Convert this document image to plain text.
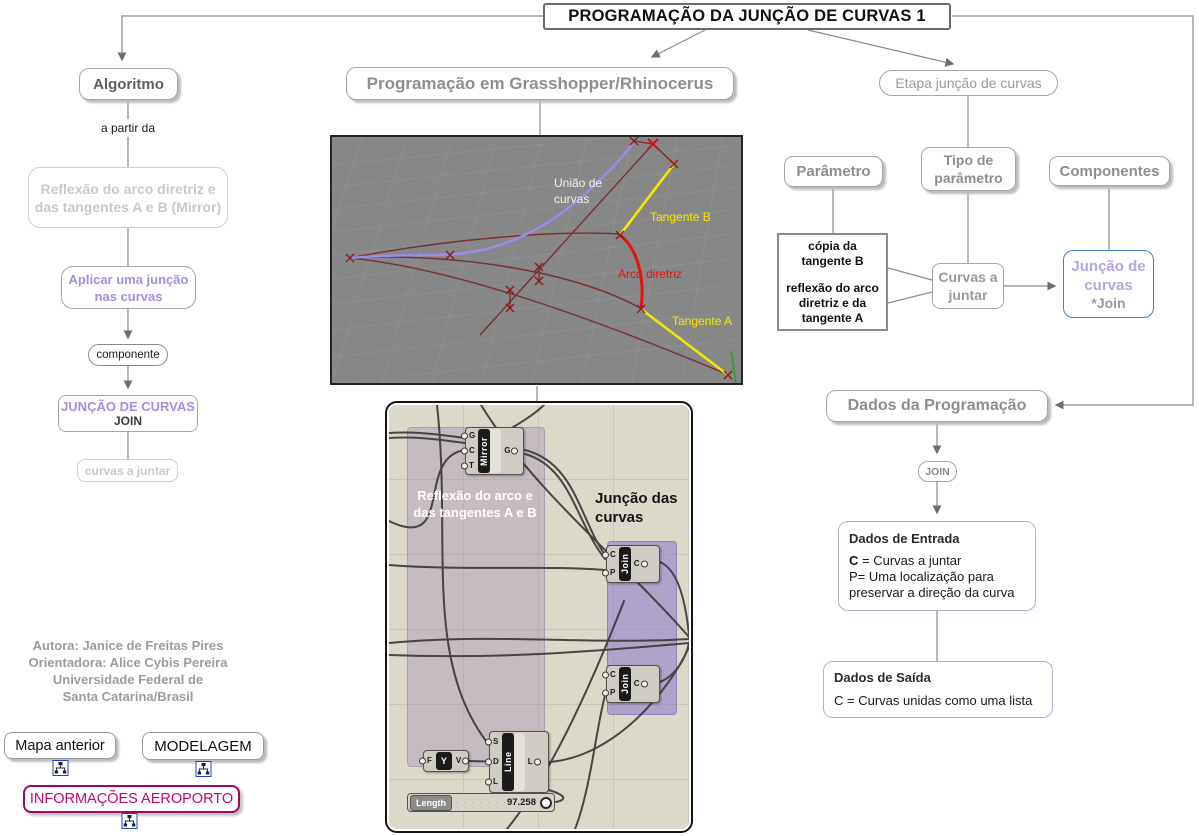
PROGRAMAÇÃO DA JUNÇÃO DE CURVAS 1
Algoritmo
a partir da
Reflexão do arco diretriz e das tangentes A e B (Mirror)
Aplicar uma junção nas curvas
componente
JUNÇÃO DE CURVAS
JOIN
curvas a juntar
Programação em Grasshopper/Rhinocerus
União de
curvas
Tangente B
Arco diretriz
Tangente A
Reflexão do arco e das tangentes A e B
Junção das curvas
G
C
T
Mirror G
C
P Join C
C
P Join C
F	Y	V
S
D
L
Line L
Length	97.258
Etapa junção de curvas
Parâmetro
Tipo de parâmetro	Componentes
cópia da tangente B
reflexão do arco diretriz e da tangente A
Curvas a juntar
Junção de curvas
*Join
Dados da Programação
JOIN
Dados de Entrada
C = Curvas a juntar
P= Uma localização para
preservar a direção da curva
Dados de Saída
C = Curvas unidas como uma lista
Autora: Janice de Freitas Pires
Orientadora: Alice Cybis Pereira
Universidade Federal de
Santa Catarina/Brasil
Mapa anterior	MODELAGEM
INFORMAÇÕES AEROPORTO
